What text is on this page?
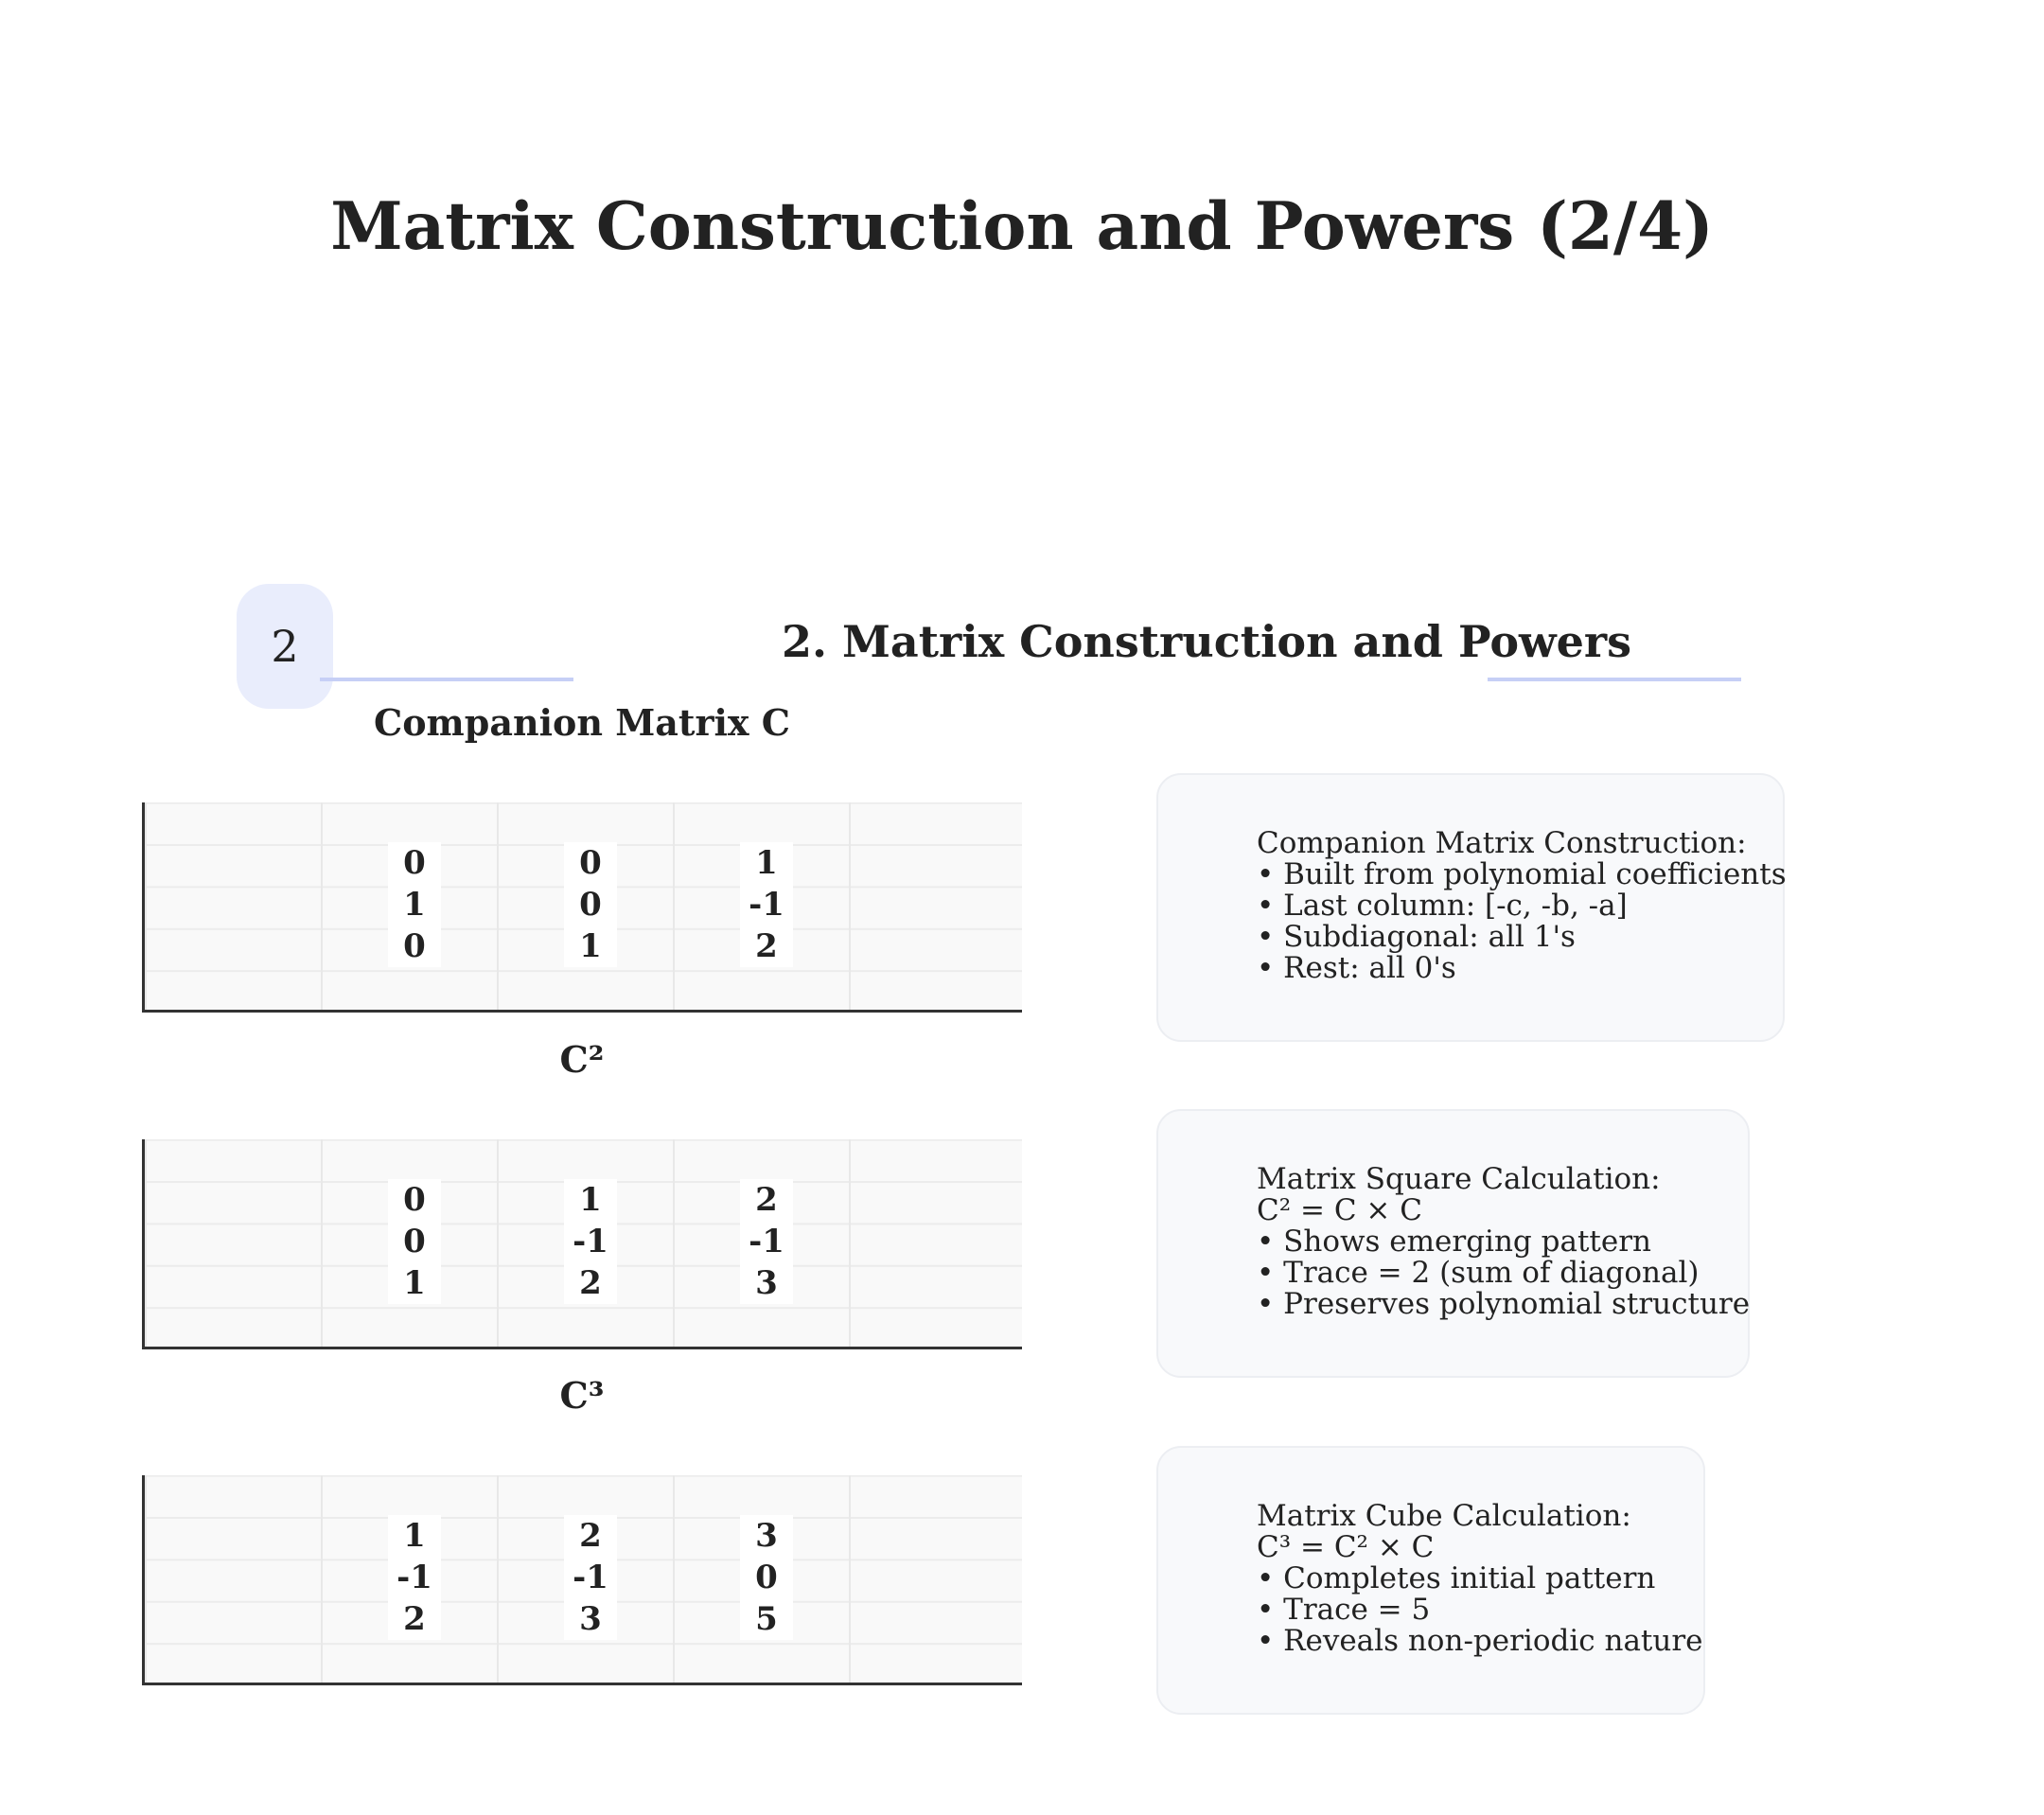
Matrix Construction and Powers (2/4)
2	2. Matrix Construction and Powers
Companion Matrix C
0	0	1
1	0	-1
0	1	2
C²
0	1	2
0	-1	-1
1	2	3
C³
1	2	3
-1	-1	0
2	3	5
Companion Matrix Construction:
• Built from polynomial coefficients
• Last column: [-c, -b, -a]
• Subdiagonal: all 1's
• Rest: all 0's
Matrix Square Calculation:
C² = C × C
• Shows emerging pattern
• Trace = 2 (sum of diagonal)
• Preserves polynomial structure
Matrix Cube Calculation:
C³ = C² × C
• Completes initial pattern
• Trace = 5
• Reveals non-periodic nature
